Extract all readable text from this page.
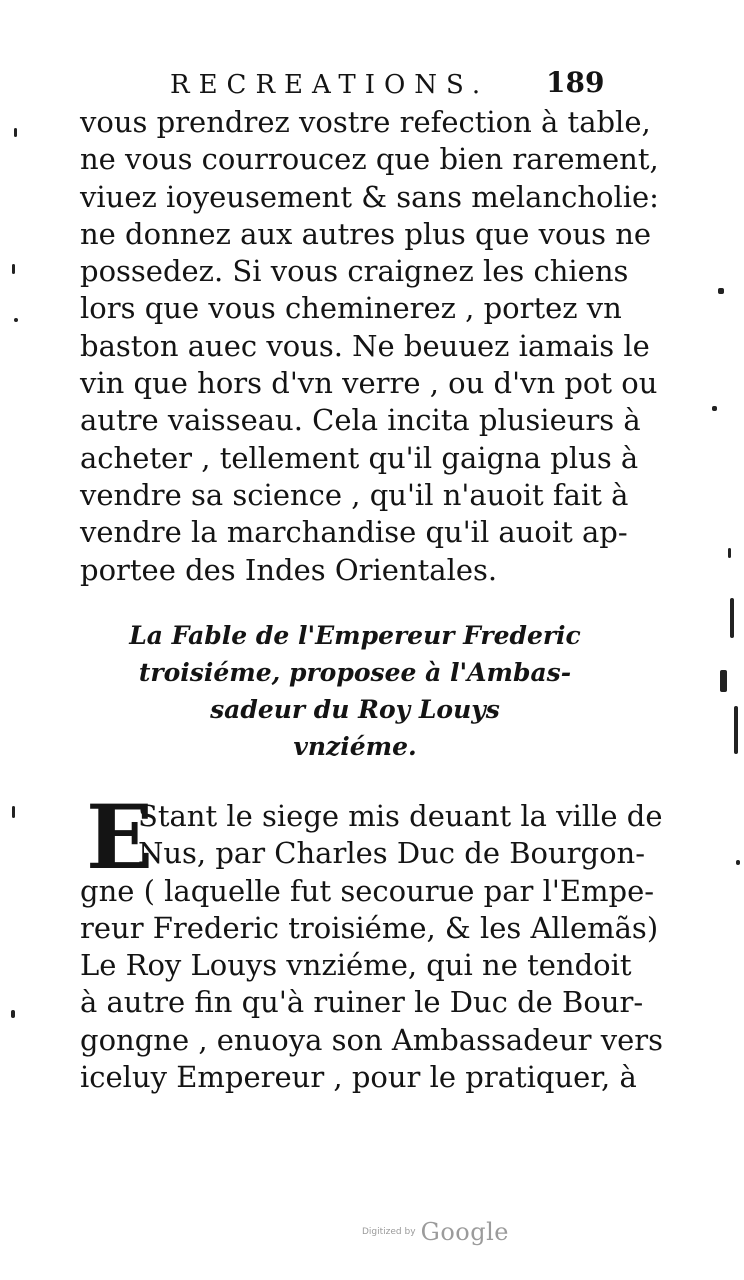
RECREATIONS. 189
vous prendrez vostre refection à table,
ne vous courroucez que bien rarement,
viuez ioyeusement & sans melancholie:
ne donnez aux autres plus que vous ne
possedez. Si vous craignez les chiens
lors que vous cheminerez , portez vn
baston auec vous. Ne beuuez iamais le
vin que hors d'vn verre , ou d'vn pot ou
autre vaisseau. Cela incita plusieurs à
acheter , tellement qu'il gaigna plus à
vendre sa science , qu'il n'auoit fait à
vendre la marchandise qu'il auoit ap-
portee des Indes Orientales.
La Fable de l'Empereur Frederic
troisiéme, proposee à l'Ambas-
sadeur du Roy Louys
vnziéme.
E
Stant le siege mis deuant la ville de
Nus, par Charles Duc de Bourgon-
gne ( laquelle fut secourue par l'Empe-
reur Frederic troisiéme, & les Allemãs)
Le Roy Louys vnziéme, qui ne tendoit
à autre fin qu'à ruiner le Duc de Bour-
gongne , enuoya son Ambassadeur vers
iceluy Empereur , pour le pratiquer, à
Digitized by Google
